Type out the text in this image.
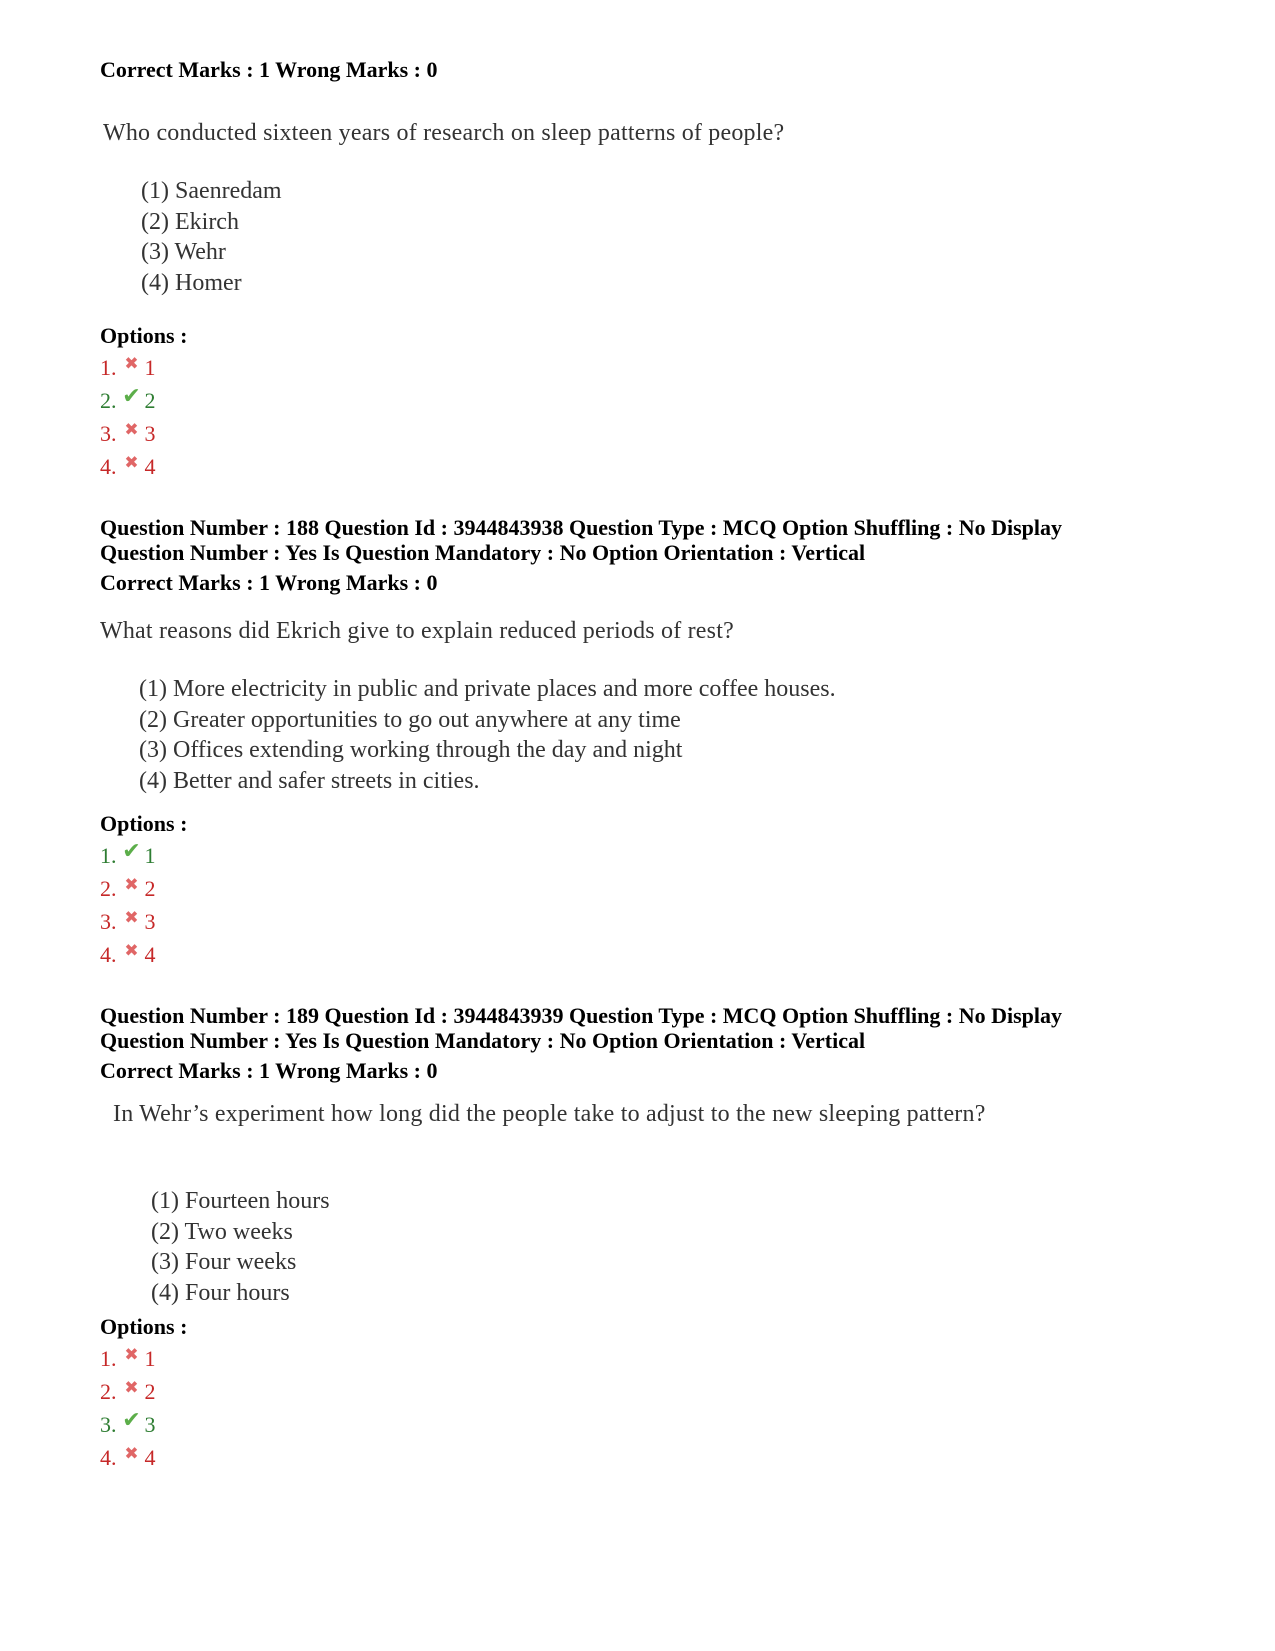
Correct Marks : 1 Wrong Marks : 0
Who conducted sixteen years of research on sleep patterns of people?
(1) Saenredam
(2) Ekirch
(3) Wehr
(4) Homer
Options :
1. ✖ 1
2. ✔ 2
3. ✖ 3
4. ✖ 4
Question Number : 188 Question Id : 3944843938 Question Type : MCQ Option Shuffling : No Display
Question Number : Yes Is Question Mandatory : No Option Orientation : Vertical
Correct Marks : 1 Wrong Marks : 0
What reasons did Ekrich give to explain reduced periods of rest?
(1) More electricity in public and private places and more coffee houses.
(2) Greater opportunities to go out anywhere at any time
(3) Offices extending working through the day and night
(4) Better and safer streets in cities.
Options :
1. ✔ 1
2. ✖ 2
3. ✖ 3
4. ✖ 4
Question Number : 189 Question Id : 3944843939 Question Type : MCQ Option Shuffling : No Display
Question Number : Yes Is Question Mandatory : No Option Orientation : Vertical
Correct Marks : 1 Wrong Marks : 0
In Wehr’s experiment how long did the people take to adjust to the new sleeping pattern?
(1) Fourteen hours
(2) Two weeks
(3) Four weeks
(4) Four hours
Options :
1. ✖ 1
2. ✖ 2
3. ✔ 3
4. ✖ 4
